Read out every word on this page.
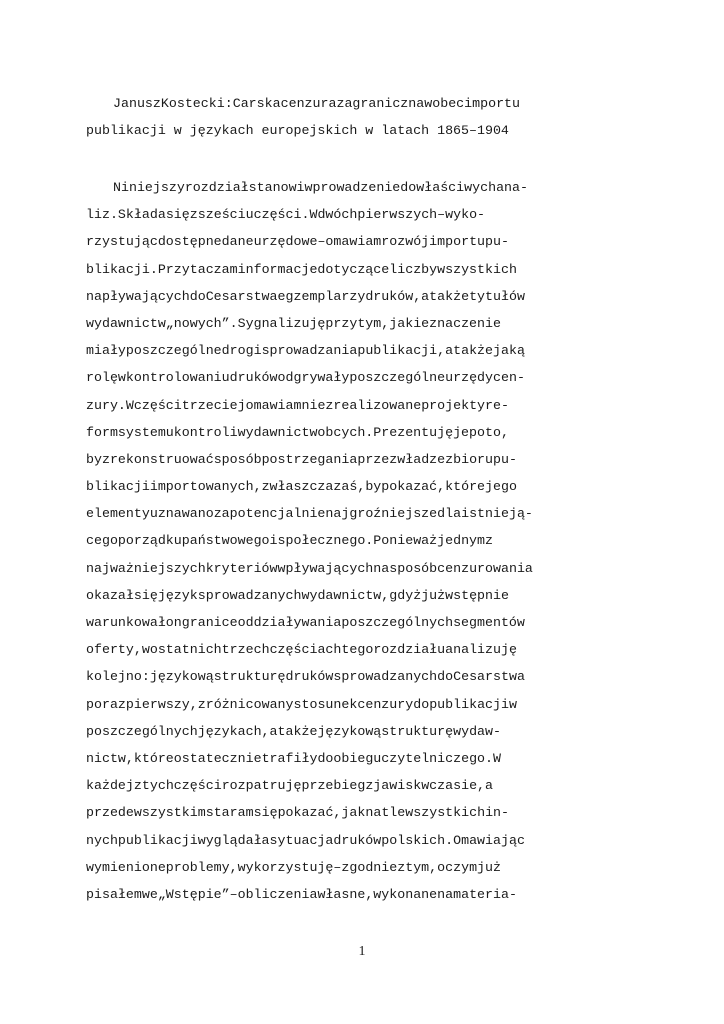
JanuszKostecki:Carskacenzurazagranicznawobecimportu
publikacji w językach europejskich w latach 1865–1904
Niniejszyrozdziałstanowiwprowadzeniedowłaściwychana-
liz.Składasięzsześciuczęści.Wdwóchpierwszych–wyko-
rzystującdostępnedaneurzędowe–omawiamrozwójimportupu-
blikacji.Przytaczaminformacjedotycząceliczbywszystkich
napływającychdoCesarstwaegzemplarzydruków,atakżetytułów
wydawnictw„nowych”.Sygnalizujęprzytym,jakieznaczenie
miałyposzczególnedrogisprowadzaniapublikacji,atakżejaką
rolęwkontrolowaniudrukówodgrywałyposzczególneurzędycen-
zury.Wczęścitrzeciejomawiamniezrealizowaneprojektyre-
formsystemukontroliwydawnictwobcych.Prezentujęjepoto,
byzrekonstruowaćsposóbpostrzeganiaprzezwładzezbiorupu-
blikacjiimportowanych,zwłaszczazaś,bypokazać,którejego
elementyuznawanozapotencjalnienajgroźniejszedlaistnieją-
cegoporządkupaństwowegoispołecznego.Ponieważjednymz
najważniejszychkryteriówwpływającychnasposóbcenzurowania
okazałsięjęzyksprowadzanychwydawnictw,gdyżjużwstępnie
warunkowałongraniceoddziaływaniaposzczególnychsegmentów
oferty,wostatnichtrzechczęściachtegorozdziałuanalizuję
kolejno:językowąstrukturędrukówsprowadzanychdoCesarstwa
porazpierwszy,zróżnicowanystosunekcenzurydopublikacjiw
poszczególnychjęzykach,atakżejęzykowąstrukturęwydaw-
nictw,któreostatecznietrafiłydoobieguczytelniczego.W
każdejztychczęścirozpatrujęprzebiegzjawiskwczasie,a
przedewszystkimstaramsiępokazać,jaknatlewszystkichin-
nychpublikacjiwyglądałasytuacjadrukówpolskich.Omawiając
wymienioneproblemy,wykorzystuję–zgodnieztym,oczymjuż
pisałemwe„Wstępie”–obliczeniawłasne,wykonanenamateria-
1
